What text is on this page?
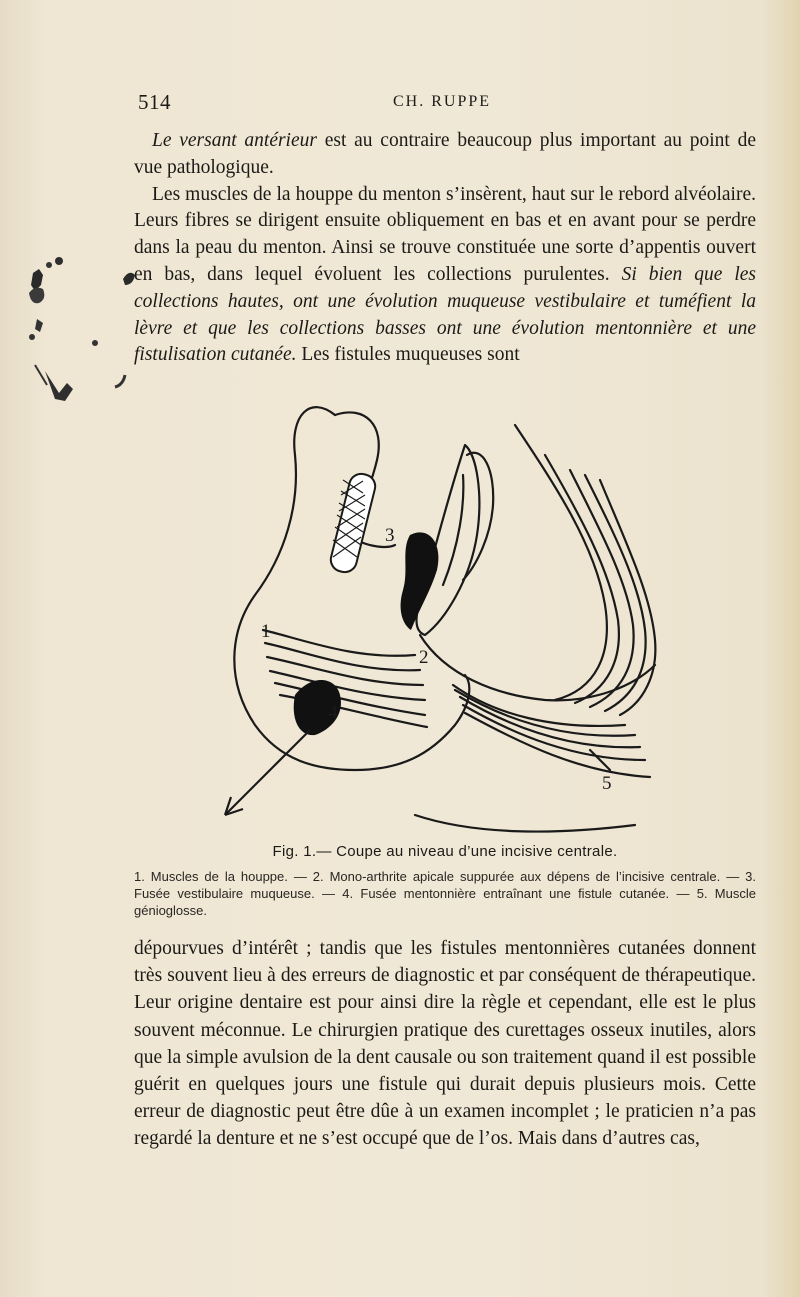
514	CH. RUPPE

Le versant antérieur est au contraire beaucoup plus important au point de vue pathologique.

Les muscles de la houppe du menton s’insèrent, haut sur le rebord alvéolaire. Leurs fibres se dirigent ensuite obliquement en bas et en avant pour se perdre dans la peau du menton. Ainsi se trouve constituée une sorte d’appentis ouvert en bas, dans lequel évoluent les collections purulentes. Si bien que les collections hautes, ont une évolution muqueuse vestibulaire et tuméfient la lèvre et que les collections basses ont une évolution mentonnière et une fistulisation cutanée. Les fistules muqueuses sont

3
1
2
4
5

Fig. 1.— Coupe au niveau d’une incisive centrale.

1. Muscles de la houppe. — 2. Mono-arthrite apicale suppurée aux dépens de l’incisive centrale. — 3. Fusée vestibulaire muqueuse. — 4. Fusée mentonnière entraînant une fistule cutanée. — 5. Muscle génioglosse.

dépourvues d’intérêt ; tandis que les fistules mentonnières cutanées donnent très souvent lieu à des erreurs de diagnostic et par conséquent de thérapeutique. Leur origine dentaire est pour ainsi dire la règle et cependant, elle est le plus souvent méconnue. Le chirurgien pratique des curettages osseux inutiles, alors que la simple avulsion de la dent causale ou son traitement quand il est possible guérit en quelques jours une fistule qui durait depuis plusieurs mois. Cette erreur de diagnostic peut être dûe à un examen incomplet ; le praticien n’a pas regardé la denture et ne s’est occupé que de l’os. Mais dans d’autres cas,
